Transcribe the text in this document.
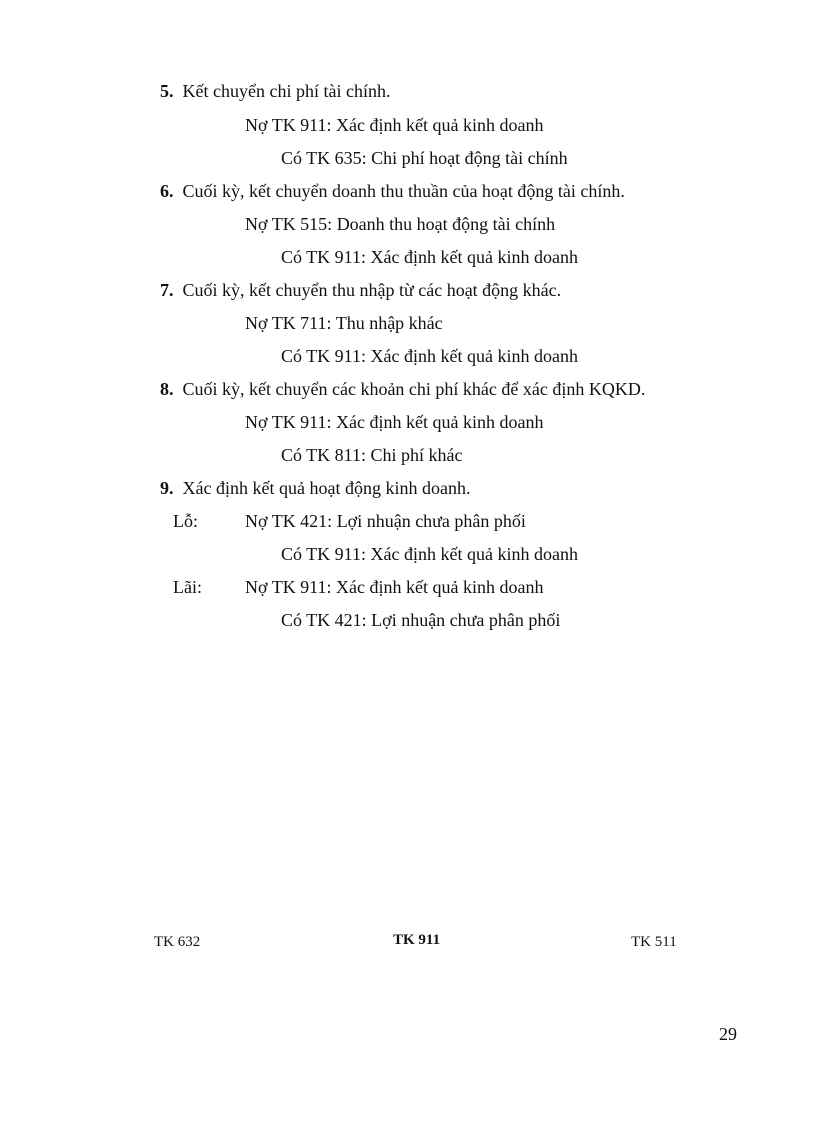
5. Kết chuyển chi phí tài chính.
Nợ TK 911: Xác định kết quả kinh doanh
Có TK 635: Chi phí hoạt động tài chính
6. Cuối kỳ, kết chuyển doanh thu thuần của hoạt động tài chính.
Nợ TK 515: Doanh thu hoạt động tài chính
Có TK 911: Xác định kết quả kinh doanh
7. Cuối kỳ, kết chuyển thu nhập từ các hoạt động khác.
Nợ TK 711: Thu nhập khác
Có TK 911: Xác định kết quả kinh doanh
8. Cuối kỳ, kết chuyển các khoản chi phí khác để xác định KQKD.
Nợ TK 911: Xác định kết quả kinh doanh
Có TK 811: Chi phí khác
9. Xác định kết quả hoạt động kinh doanh.
Lỗ:	Nợ TK 421: Lợi nhuận chưa phân phối
Có TK 911: Xác định kết quả kinh doanh
Lãi: Nợ TK 911: Xác định kết quả kinh doanh
Có TK 421: Lợi nhuận chưa phân phối
TK 632	TK 911	TK 511
29
